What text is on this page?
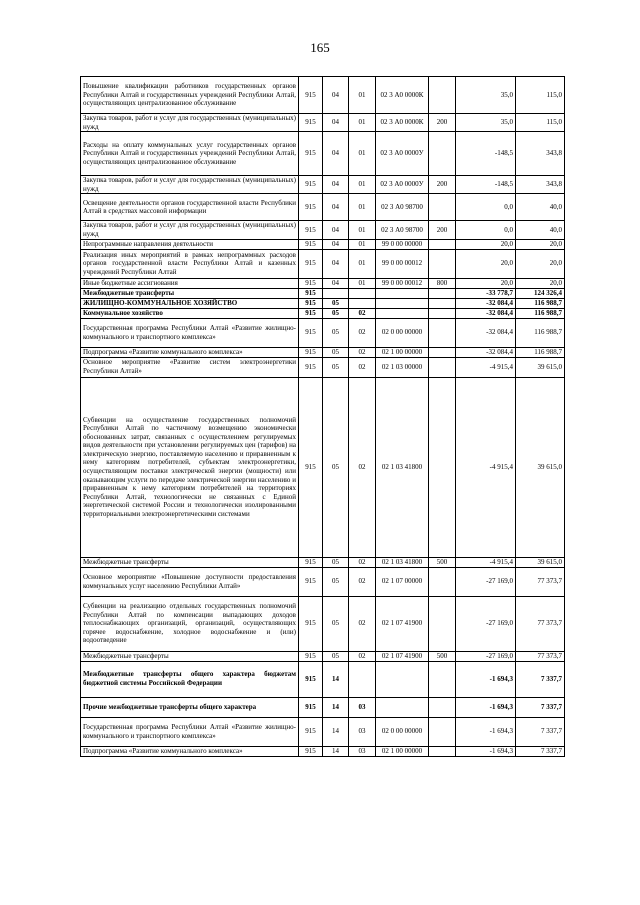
165
Повышение квалификации работников государственных органов Республики Алтай и государственных учреждений Республики Алтай, осуществляющих централизованное обслуживание	915	04	01	02 3 А0 0000К		35,0	115,0
Закупка товаров, работ и услуг для государственных (муниципальных) нужд	915	04	01	02 3 А0 0000К	200	35,0	115,0
Расходы на оплату коммунальных услуг государственных органов Республики Алтай и государственных учреждений Республики Алтай, осуществляющих централизованное обслуживание	915	04	01	02 3 А0 0000У		-148,5	343,8
Закупка товаров, работ и услуг для государственных (муниципальных) нужд	915	04	01	02 3 А0 0000У	200	-148,5	343,8
Освещение деятельности органов государственной власти Республики Алтай в средствах массовой информации	915	04	01	02 3 А0 98700		0,0	40,0
Закупка товаров, работ и услуг для государственных (муниципальных) нужд	915	04	01	02 3 А0 98700	200	0,0	40,0
Непрограммные направления деятельности	915	04	01	99 0 00 00000		20,0	20,0
Реализация иных мероприятий в рамках непрограммных расходов органов государственной власти Республики Алтай и казенных учреждений Республики Алтай	915	04	01	99 0 00 00012		20,0	20,0
Иные бюджетные ассигнования	915	04	01	99 0 00 00012	800	20,0	20,0
Межбюджетные трансферты	915					-33 778,7	124 326,4
ЖИЛИЩНО-КОММУНАЛЬНОЕ ХОЗЯЙСТВО	915	05				-32 084,4	116 988,7
Коммунальное хозяйство	915	05	02			-32 084,4	116 988,7
Государственная программа Республики Алтай «Развитие жилищно-коммунального и транспортного комплекса»	915	05	02	02 0 00 00000		-32 084,4	116 988,7
Подпрограмма «Развитие коммунального комплекса»	915	05	02	02 1 00 00000		-32 084,4	116 988,7
Основное мероприятие «Развитие систем электроэнергетики Республики Алтай»	915	05	02	02 1 03 00000		-4 915,4	39 615,0
Субвенции на осуществление государственных полномочий Республики Алтай по частичному возмещению экономически обоснованных затрат, связанных с осуществлением регулируемых видов деятельности при установлении регулируемых цен (тарифов) на электрическую энергию, поставляемую населению и приравненным к нему категориям потребителей, субъектам электроэнергетики, осуществляющим поставки электрической энергии (мощности) или оказывающим услуги по передаче электрической энергии населению и приравненным к нему категориям потребителей на территориях Республики Алтай, технологически не связанных с Единой энергетической системой России и технологически изолированными территориальными электроэнергетическими системами	915	05	02	02 1 03 41800		-4 915,4	39 615,0
Межбюджетные трансферты	915	05	02	02 1 03 41800	500	-4 915,4	39 615,0
Основное мероприятие «Повышение доступности предоставления коммунальных услуг населению Республики Алтай»	915	05	02	02 1 07 00000		-27 169,0	77 373,7
Субвенции на реализацию отдельных государственных полномочий Республики Алтай по компенсации выпадающих доходов теплоснабжающих организаций, организаций, осуществляющих горячее водоснабжение, холодное водоснабжение и (или) водоотведение	915	05	02	02 1 07 41900		-27 169,0	77 373,7
Межбюджетные трансферты	915	05	02	02 1 07 41900	500	-27 169,0	77 373,7
Межбюджетные трансферты общего характера бюджетам бюджетной системы Российской Федерации	915	14				-1 694,3	7 337,7
Прочие межбюджетные трансферты общего характера	915	14	03			-1 694,3	7 337,7
Государственная программа Республики Алтай «Развитие жилищно-коммунального и транспортного комплекса»	915	14	03	02 0 00 00000		-1 694,3	7 337,7
Подпрограмма «Развитие коммунального комплекса»	915	14	03	02 1 00 00000		-1 694,3	7 337,7
